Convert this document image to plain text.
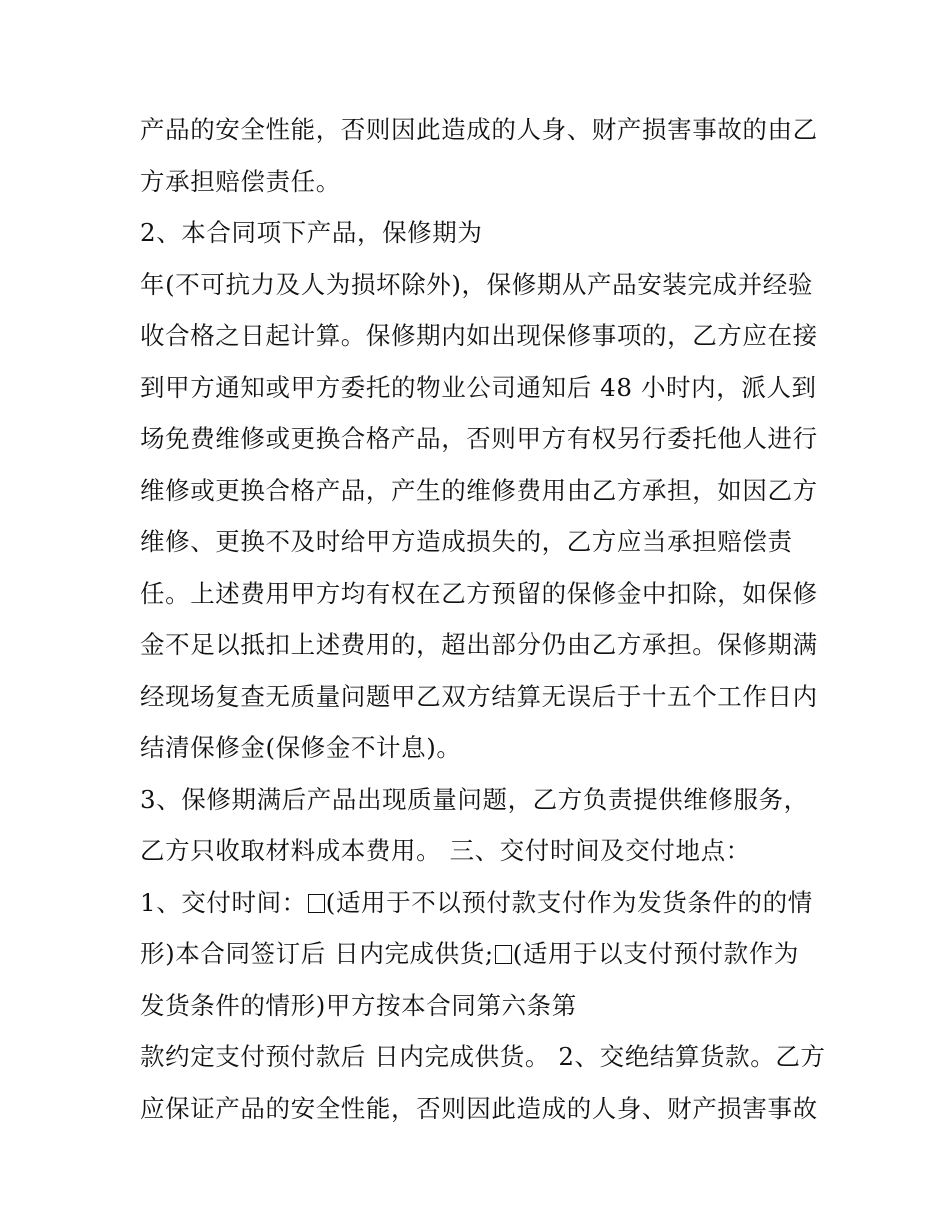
产品的安全性能，否则因此造成的人身、财产损害事故的由乙
方承担赔偿责任。
2、本合同项下产品，保修期为
年(不可抗力及人为损坏除外)，保修期从产品安装完成并经验
收合格之日起计算。保修期内如出现保修事项的，乙方应在接
到甲方通知或甲方委托的物业公司通知后 48 小时内，派人到
场免费维修或更换合格产品，否则甲方有权另行委托他人进行
维修或更换合格产品，产生的维修费用由乙方承担，如因乙方
维修、更换不及时给甲方造成损失的，乙方应当承担赔偿责
任。上述费用甲方均有权在乙方预留的保修金中扣除，如保修
金不足以抵扣上述费用的，超出部分仍由乙方承担。保修期满
经现场复查无质量问题甲乙双方结算无误后于十五个工作日内
结清保修金(保修金不计息)。
3、保修期满后产品出现质量问题，乙方负责提供维修服务，
乙方只收取材料成本费用。 三、交付时间及交付地点：
1、交付时间： (适用于不以预付款支付作为发货条件的的情
形)本合同签订后 日内完成供货; (适用于以支付预付款作为
发货条件的情形)甲方按本合同第六条第
款约定支付预付款后 日内完成供货。 2、交绝结算货款。乙方
应保证产品的安全性能，否则因此造成的人身、财产损害事故
